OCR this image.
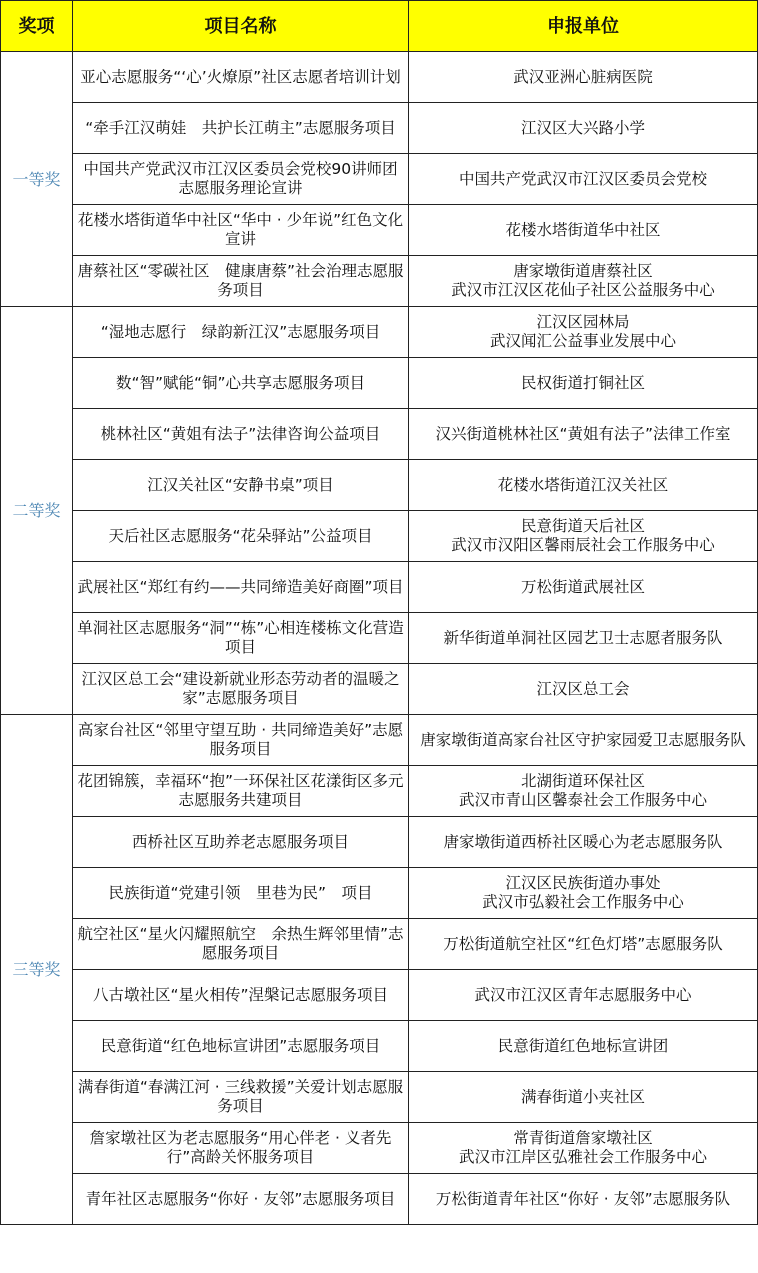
奖项	项目名称	申报单位
一等奖	亚心志愿服务“‘心’火燎原”社区志愿者培训计划	武汉亚洲心脏病医院
	“牵手江汉萌娃　共护长江萌主”志愿服务项目	江汉区大兴路小学
	中国共产党武汉市江汉区委员会党校90讲师团志愿服务理论宣讲	中国共产党武汉市江汉区委员会党校
	花楼水塔街道华中社区“华中 · 少年说”红色文化宣讲	花楼水塔街道华中社区
	唐蔡社区“零碳社区　健康唐蔡”社会治理志愿服务项目	唐家墩街道唐蔡社区
武汉市江汉区花仙子社区公益服务中心
二等奖	“湿地志愿行　绿韵新江汉”志愿服务项目	江汉区园林局
武汉闻汇公益事业发展中心
	数“智”赋能“铜”心共享志愿服务项目	民权街道打铜社区
	桃林社区“黄姐有法子”法律咨询公益项目	汉兴街道桃林社区“黄姐有法子”法律工作室
	江汉关社区“安静书桌”项目	花楼水塔街道江汉关社区
	天后社区志愿服务“花朵驿站”公益项目	民意街道天后社区
武汉市汉阳区馨雨辰社会工作服务中心
	武展社区“郑红有约——共同缔造美好商圈”项目	万松街道武展社区
	单洞社区志愿服务“洞”“栋”心相连楼栋文化营造项目	新华街道单洞社区园艺卫士志愿者服务队
	江汉区总工会“建设新就业形态劳动者的温暖之家”志愿服务项目	江汉区总工会
三等奖	高家台社区“邻里守望互助 · 共同缔造美好”志愿服务项目	唐家墩街道高家台社区守护家园爱卫志愿服务队
	花团锦簇，幸福环“抱”一环保社区花漾街区多元志愿服务共建项目	北湖街道环保社区
武汉市青山区馨泰社会工作服务中心
	西桥社区互助养老志愿服务项目	唐家墩街道西桥社区暖心为老志愿服务队
	民族街道“党建引领　里巷为民”　项目	江汉区民族街道办事处
武汉市弘毅社会工作服务中心
	航空社区“星火闪耀照航空　余热生辉邻里情”志愿服务项目	万松街道航空社区“红色灯塔”志愿服务队
	八古墩社区“星火相传”涅槃记志愿服务项目	武汉市江汉区青年志愿服务中心
	民意街道“红色地标宣讲团”志愿服务项目	民意街道红色地标宣讲团
	满春街道“春满江河 · 三线救援”关爱计划志愿服务项目	满春街道小夹社区
	詹家墩社区为老志愿服务“用心伴老 · 义者先行”高龄关怀服务项目	常青街道詹家墩社区
武汉市江岸区弘雅社会工作服务中心
	青年社区志愿服务“你好 · 友邻”志愿服务项目	万松街道青年社区“你好 · 友邻”志愿服务队
